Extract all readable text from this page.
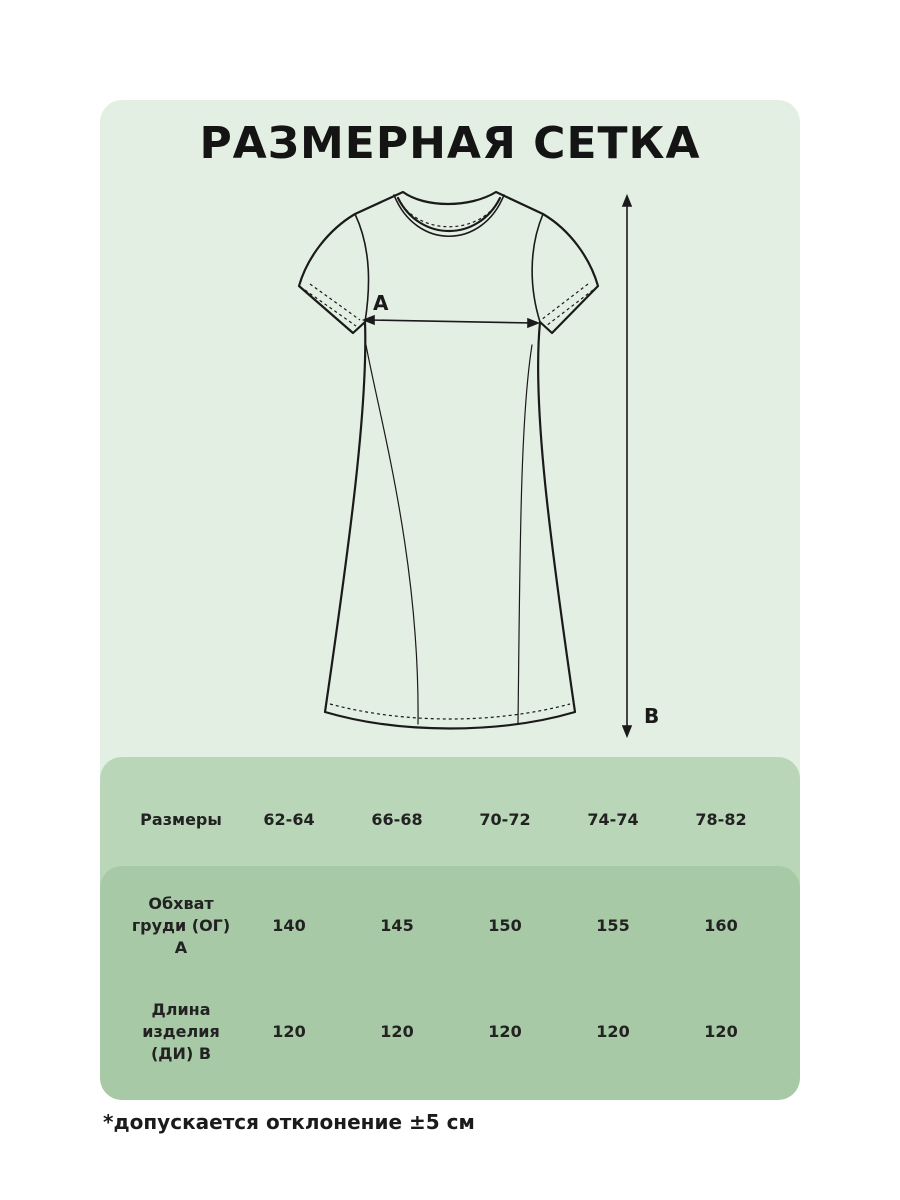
РАЗМЕРНАЯ СЕТКА
A
B
Размеры	62-64	66-68	70-72	74-74	78-82
Обхват
груди (ОГ)
А
140	145	150	155	160
Длина
изделия
(ДИ) В
120	120	120	120	120
*допускается отклонение ±5 см
